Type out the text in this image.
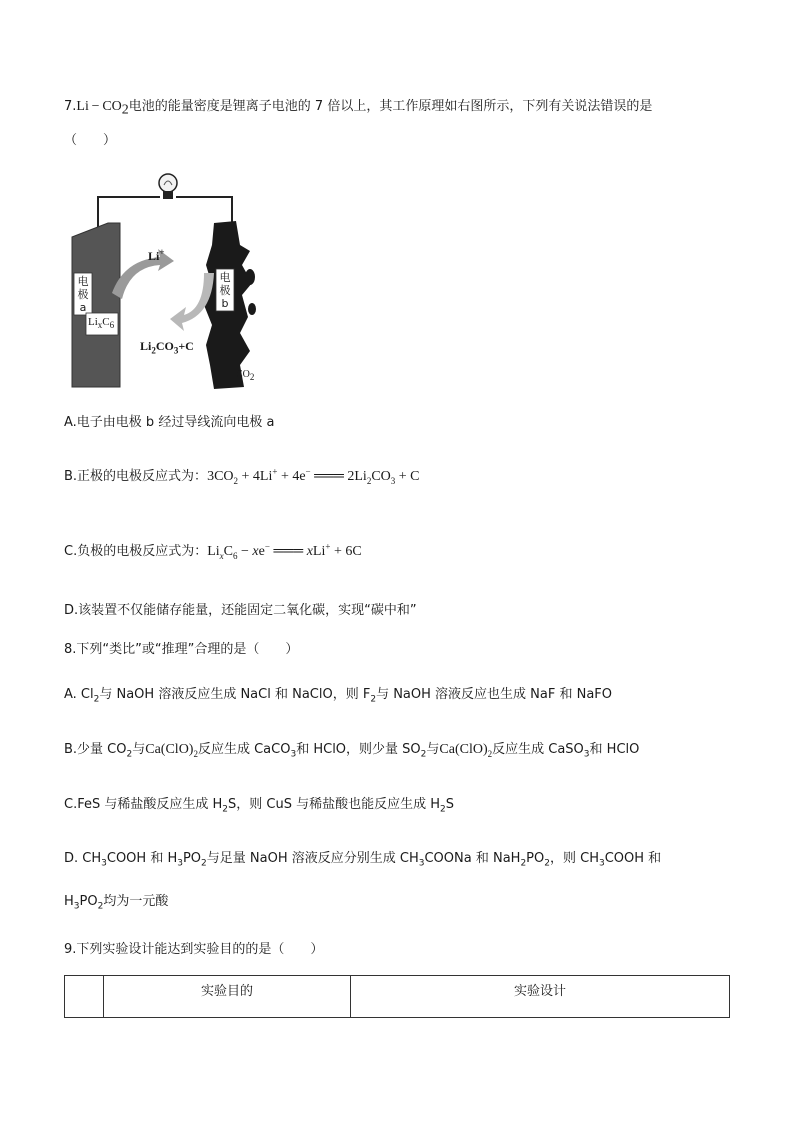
$7.Li - CO_2$电池的能量密度是锂离子电池的 7 倍以上，其工作原理如右图所示，下列有关说法错误的是
（　　）
电
极
a
电
极
b
$Li_xC_6$
Li+
$Li_2CO_3+C$
$CO_2$
A.电子由电极 b 经过导线流向电极 a
B.正极的电极反应式为：$3CO_2 + 4Li^+ + 4e^-$ ═══ $2Li_2CO_3 + C$
C.负极的电极反应式为：$Li_xC_6 - xe^-$ ═══ xLi+ + 6C
D.该装置不仅能储存能量，还能固定二氧化碳，实现“碳中和”
8.下列“类比”或“推理”合理的是（　　）
A. $Cl_2$与 NaOH 溶液反应生成 NaCl 和 NaClO，则 $F_2$与 NaOH 溶液反应也生成 NaF 和 NaFO
B.少量 $CO_2$与$Ca(ClO)_2$反应生成 CaCO$_3$和 HClO，则少量 $SO_2$与$Ca(ClO)_2$反应生成 CaSO$_3$和 HClO
C.FeS 与稀盐酸反应生成 $H_2S$，则 CuS 与稀盐酸也能反应生成 $H_2S$
D. $CH_3COOH$ 和 $H_3PO_2$与足量 NaOH 溶液反应分别生成 $CH_3COONa$ 和 $NaH_2PO_2$，则 $CH_3COOH$ 和
$H_3PO_2$均为一元酸
9.下列实验设计能达到实验目的的是（　　）
	实验目的	实验设计
